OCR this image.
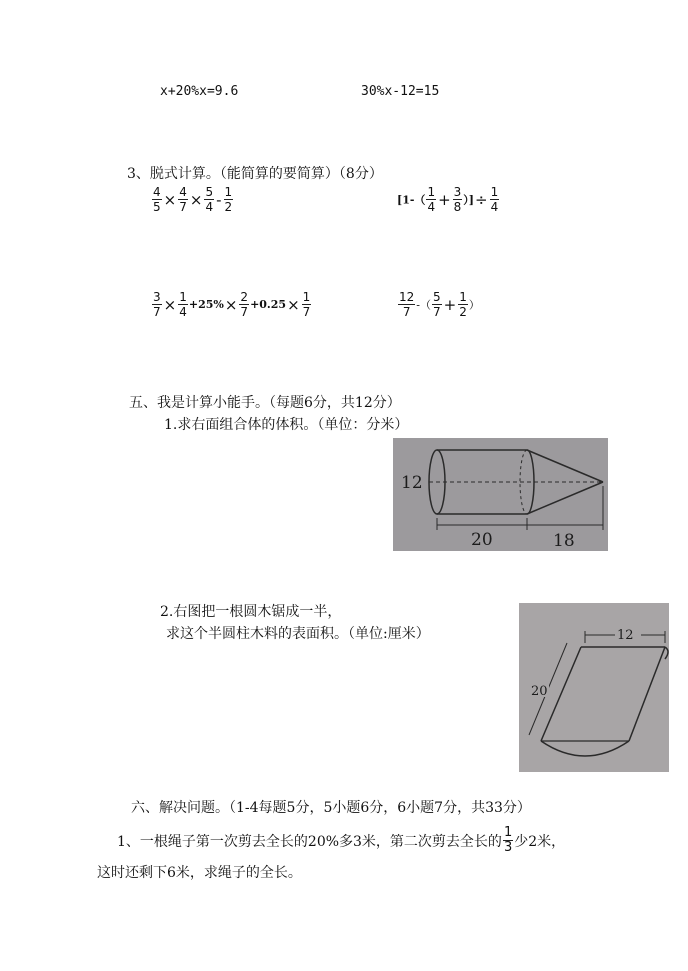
x+20%x=9.6	30%x-12=15
3、脱式计算。（能简算的要简算）（8分）
$\frac{4}{5} \times \frac{4}{7} \times \frac{5}{4} - \frac{1}{2}$	[$1-( \frac{1}{4} + \frac{3}{8}$ ）]÷ $\frac{1}{4}$
$\frac{3}{7} \times \frac{1}{4} +25\%\times \frac{2}{7} +0.25\times \frac{1}{7}$	$\frac{12}{7}$ -（ $\frac{5}{7} + \frac{1}{2}$ ）
五、我是计算小能手。（每题6分，共12分）
1.求右面组合体的体积。（单位：分米）
12
20	18
2.右图把一根圆木锯成一半，
求这个半圆柱木料的表面积。（单位:厘米）	12
20
六、解决问题。（1-4每题5分，5小题6分，6小题7分，共33分）
1、一根绳子第一次剪去全长的20%多3米，第二次剪去全长的 $\frac{1}{3}$ 少2米，
这时还剩下6米，求绳子的全长。
